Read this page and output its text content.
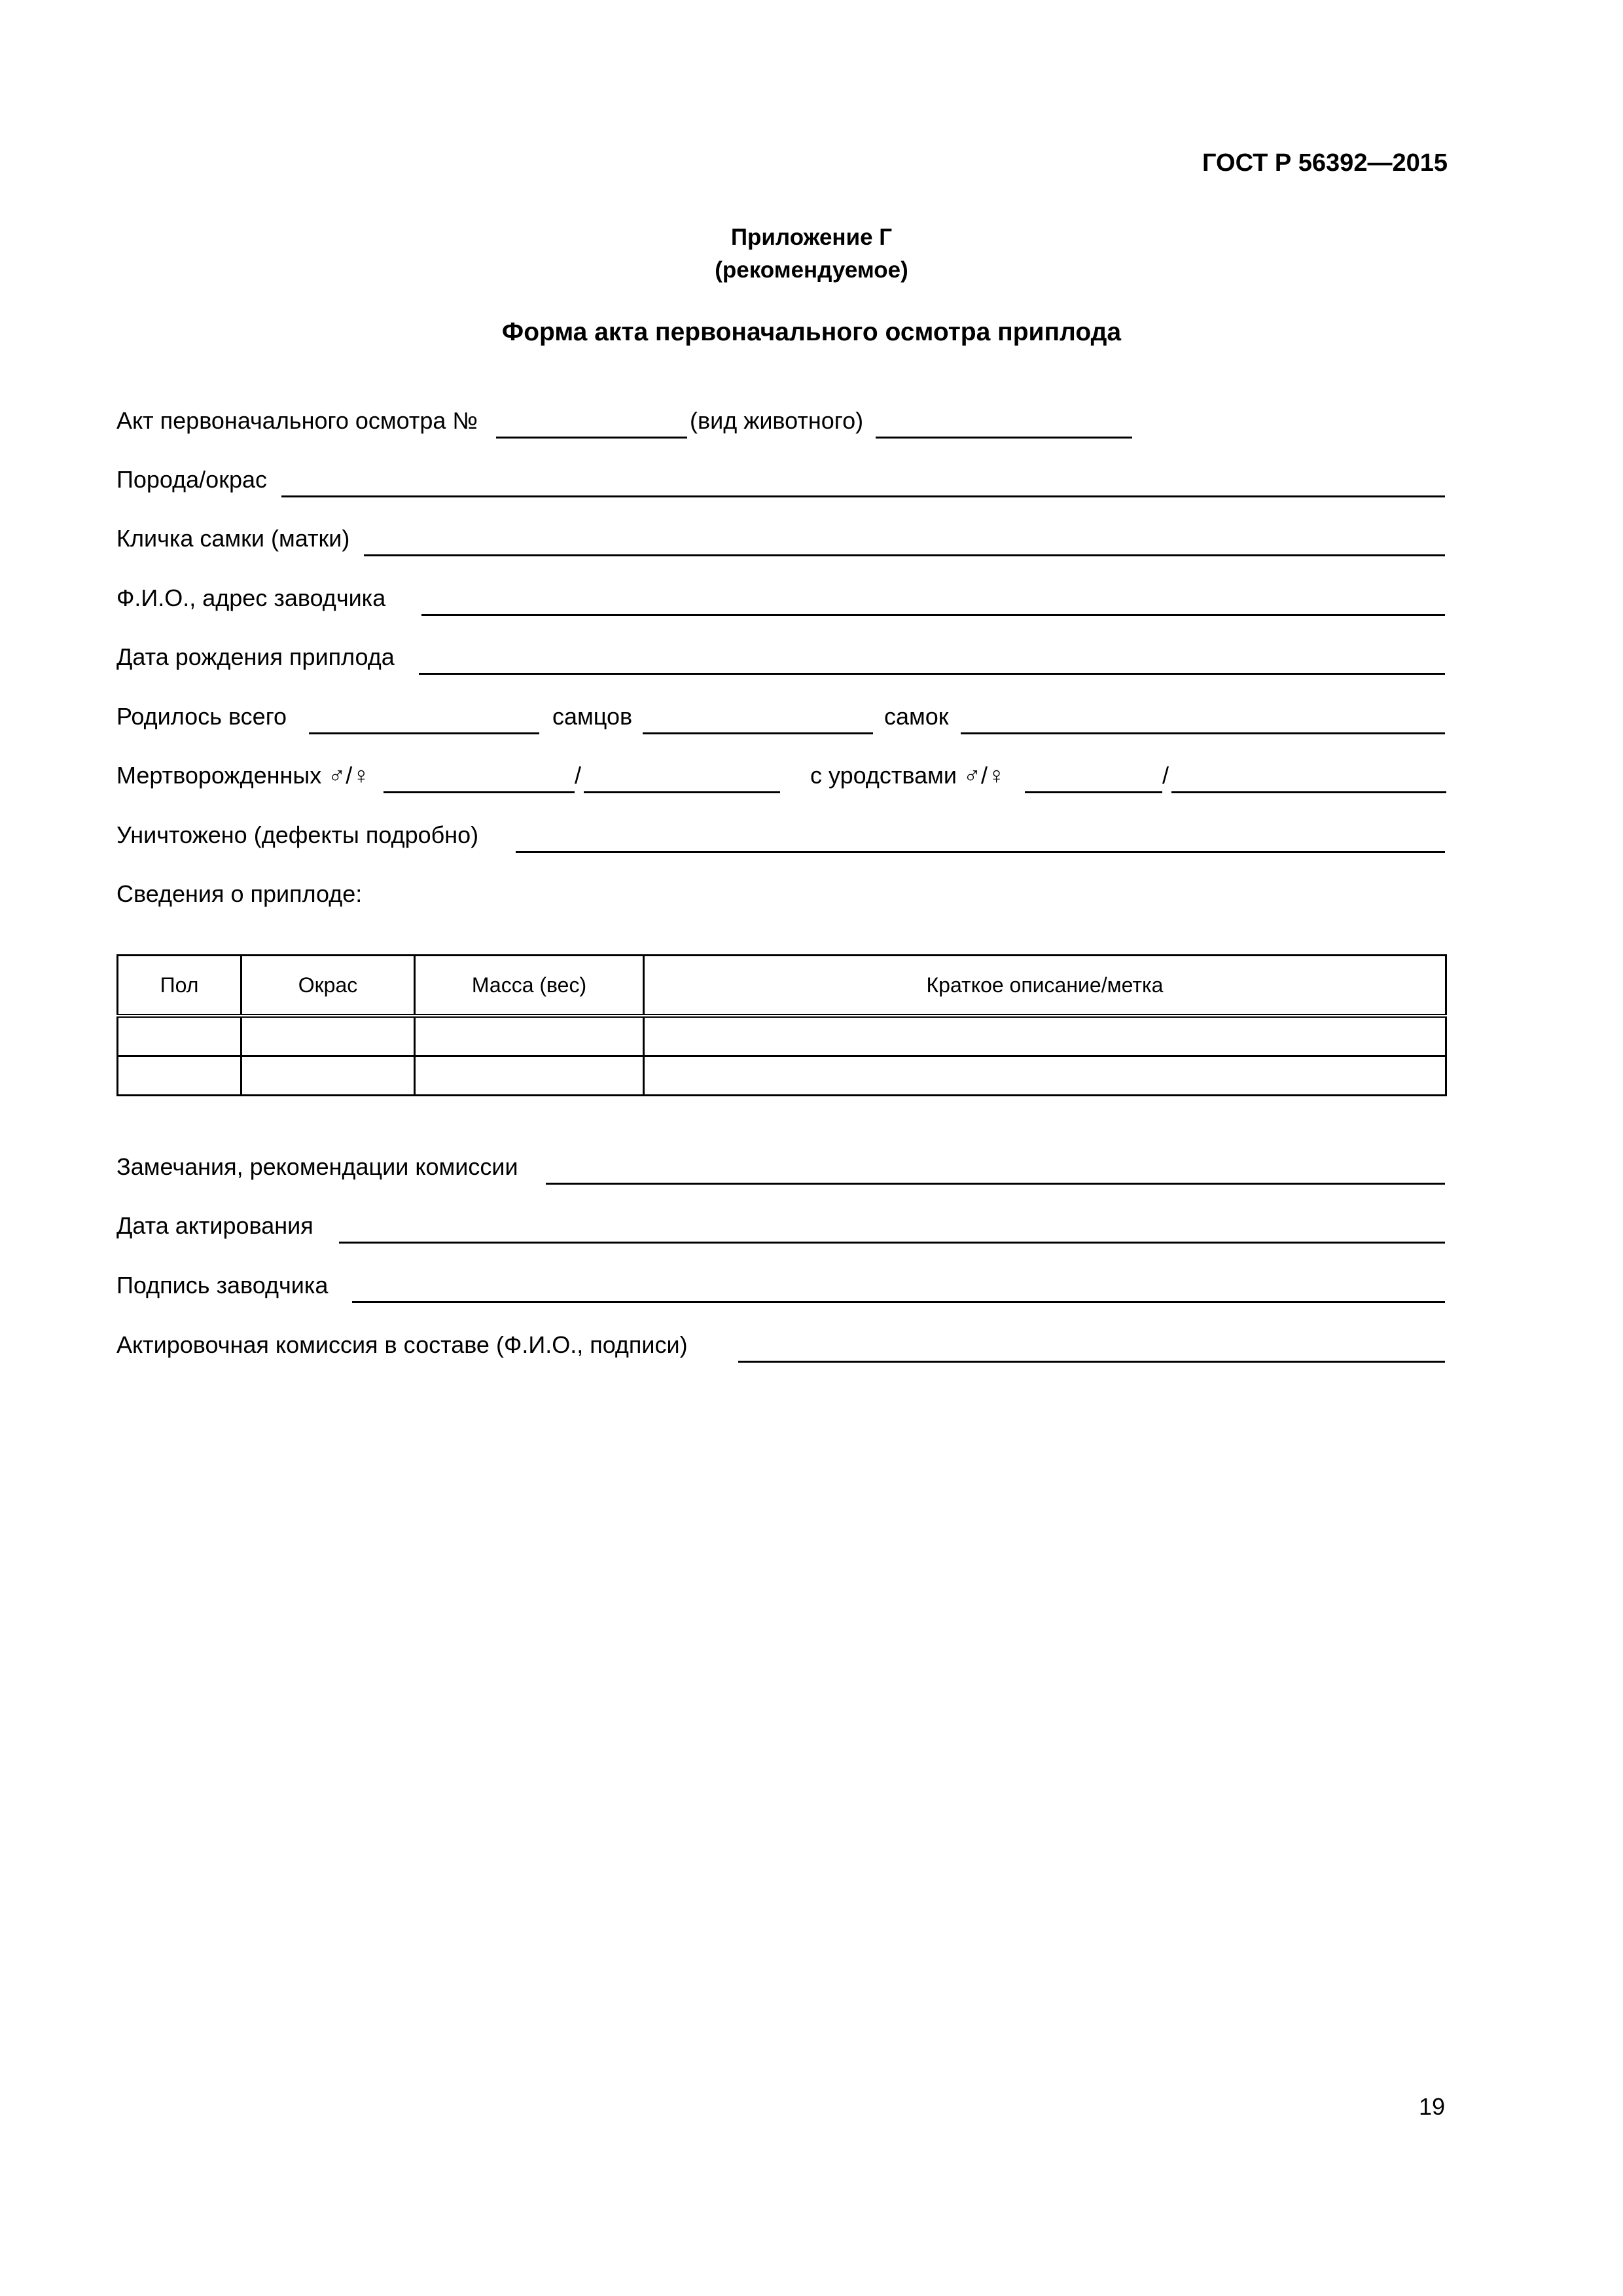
ГОСТ Р 56392—2015
Приложение Г
(рекомендуемое)
Форма акта первоначального осмотра приплода
Акт первоначального осмотра №	(вид животного)
Порода/окрас
Кличка самки (матки)
Ф.И.О., адрес заводчика
Дата рождения приплода
Родилось всего	самцов	самок
Мертворожденных ♂/♀	/	с уродствами ♂/♀	/
Уничтожено (дефекты подробно)
Сведения о приплоде:
Пол	Окрас	Масса (вес)	Краткое описание/метка

Замечания, рекомендации комиссии
Дата актирования
Подпись заводчика
Актировочная комиссия в составе (Ф.И.О., подписи)
19
